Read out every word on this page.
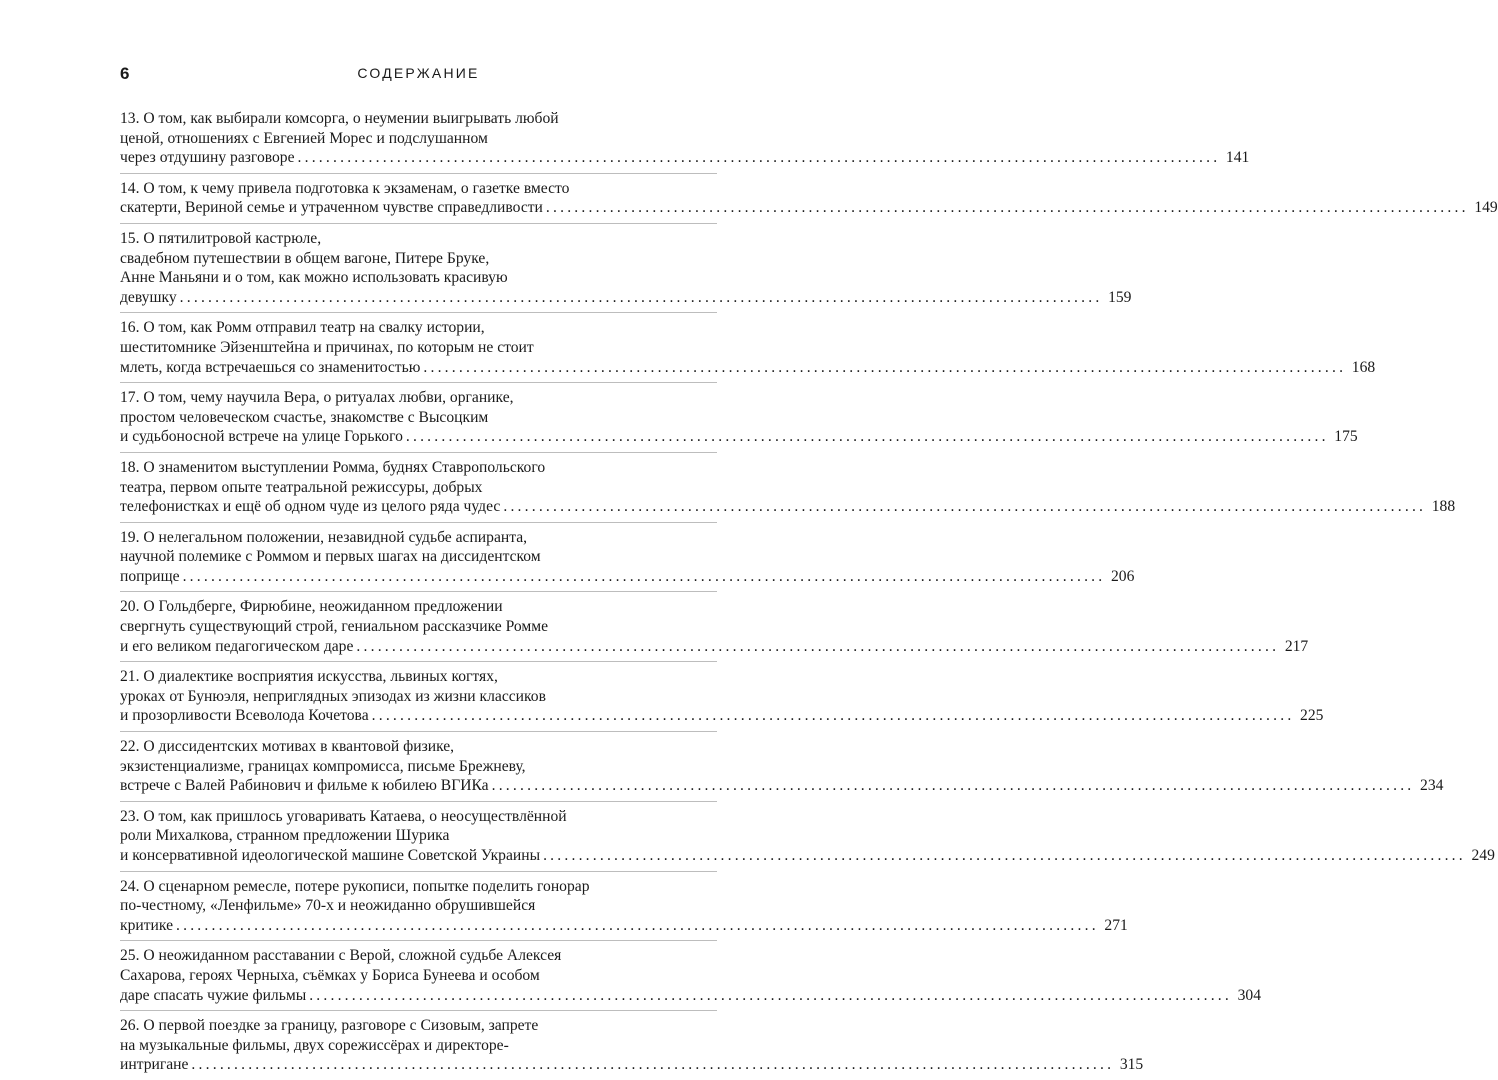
6	СОДЕРЖАНИЕ
13. О том, как выбирали комсорга, о неумении выигрывать любой
ценой, отношениях с Евгенией Морес и подслушанном
через отдушину разговоре .................................................................................................................................. 141
14. О том, к чему привела подготовка к экзаменам, о газетке вместо
скатерти, Вериной семье и утраченном чувстве справедливости .................................................................................................................................. 149
15. О пятилитровой кастрюле,
свадебном путешествии в общем вагоне, Питере Бруке,
Анне Маньяни и о том, как можно использовать красивую
девушку .................................................................................................................................. 159
16. О том, как Ромм отправил театр на свалку истории,
шеститомнике Эйзенштейна и причинах, по которым не стоит
млеть, когда встречаешься со знаменитостью .................................................................................................................................. 168
17. О том, чему научила Вера, о ритуалах любви, органике,
простом человеческом счастье, знакомстве с Высоцким
и судьбоносной встрече на улице Горького .................................................................................................................................. 175
18. О знаменитом выступлении Ромма, буднях Ставропольского
театра, первом опыте театральной режиссуры, добрых
телефонистках и ещё об одном чуде из целого ряда чудес .................................................................................................................................. 188
19. О нелегальном положении, незавидной судьбе аспиранта,
научной полемике с Роммом и первых шагах на диссидентском
поприще .................................................................................................................................. 206
20. О Гольдберге, Фирюбине, неожиданном предложении
свергнуть существующий строй, гениальном рассказчике Ромме
и его великом педагогическом даре .................................................................................................................................. 217
21. О диалектике восприятия искусства, львиных когтях,
уроках от Бунюэля, неприглядных эпизодах из жизни классиков
и прозорливости Всеволода Кочетова .................................................................................................................................. 225
22. О диссидентских мотивах в квантовой физике,
экзистенциализме, границах компромисса, письме Брежневу,
встрече с Валей Рабинович и фильме к юбилею ВГИКа .................................................................................................................................. 234
23. О том, как пришлось уговаривать Катаева, о неосуществлённой
роли Михалкова, странном предложении Шурика
и консервативной идеологической машине Советской Украины .................................................................................................................................. 249
24. О сценарном ремесле, потере рукописи, попытке поделить гонорар
по-честному, «Ленфильме» 70-х и неожиданно обрушившейся
критике .................................................................................................................................. 271
25. О неожиданном расставании с Верой, сложной судьбе Алексея
Сахарова, героях Черныха, съёмках у Бориса Бунеева и особом
даре спасать чужие фильмы .................................................................................................................................. 304
26. О первой поездке за границу, разговоре с Сизовым, запрете
на музыкальные фильмы, двух сорежиссёрах и директоре-
интригане .................................................................................................................................. 315
